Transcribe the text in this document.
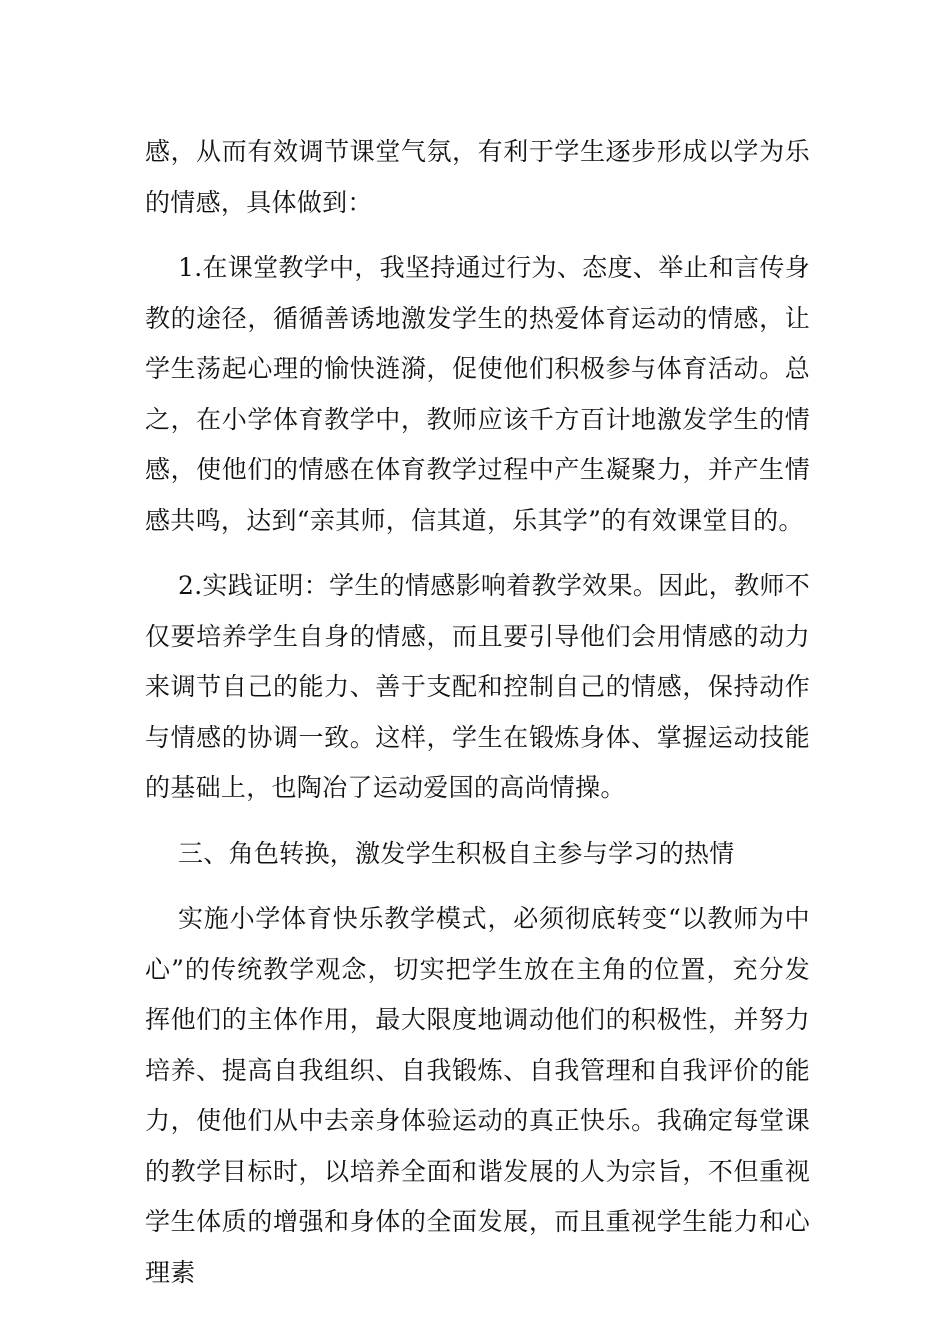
感，从而有效调节课堂气氛，有利于学生逐步形成以学为乐的情感，具体做到：

1.在课堂教学中，我坚持通过行为、态度、举止和言传身教的途径，循循善诱地激发学生的热爱体育运动的情感，让学生荡起心理的愉快涟漪，促使他们积极参与体育活动。总之，在小学体育教学中，教师应该千方百计地激发学生的情感，使他们的情感在体育教学过程中产生凝聚力，并产生情感共鸣，达到“亲其师，信其道，乐其学”的有效课堂目的。

2.实践证明：学生的情感影响着教学效果。因此，教师不仅要培养学生自身的情感，而且要引导他们会用情感的动力来调节自己的能力、善于支配和控制自己的情感，保持动作与情感的协调一致。这样，学生在锻炼身体、掌握运动技能的基础上，也陶冶了运动爱国的高尚情操。

三、角色转换，激发学生积极自主参与学习的热情

实施小学体育快乐教学模式，必须彻底转变“以教师为中心”的传统教学观念，切实把学生放在主角的位置，充分发挥他们的主体作用，最大限度地调动他们的积极性，并努力培养、提高自我组织、自我锻炼、自我管理和自我评价的能力，使他们从中去亲身体验运动的真正快乐。我确定每堂课的教学目标时，以培养全面和谐发展的人为宗旨，不但重视学生体质的增强和身体的全面发展，而且重视学生能力和心理素
